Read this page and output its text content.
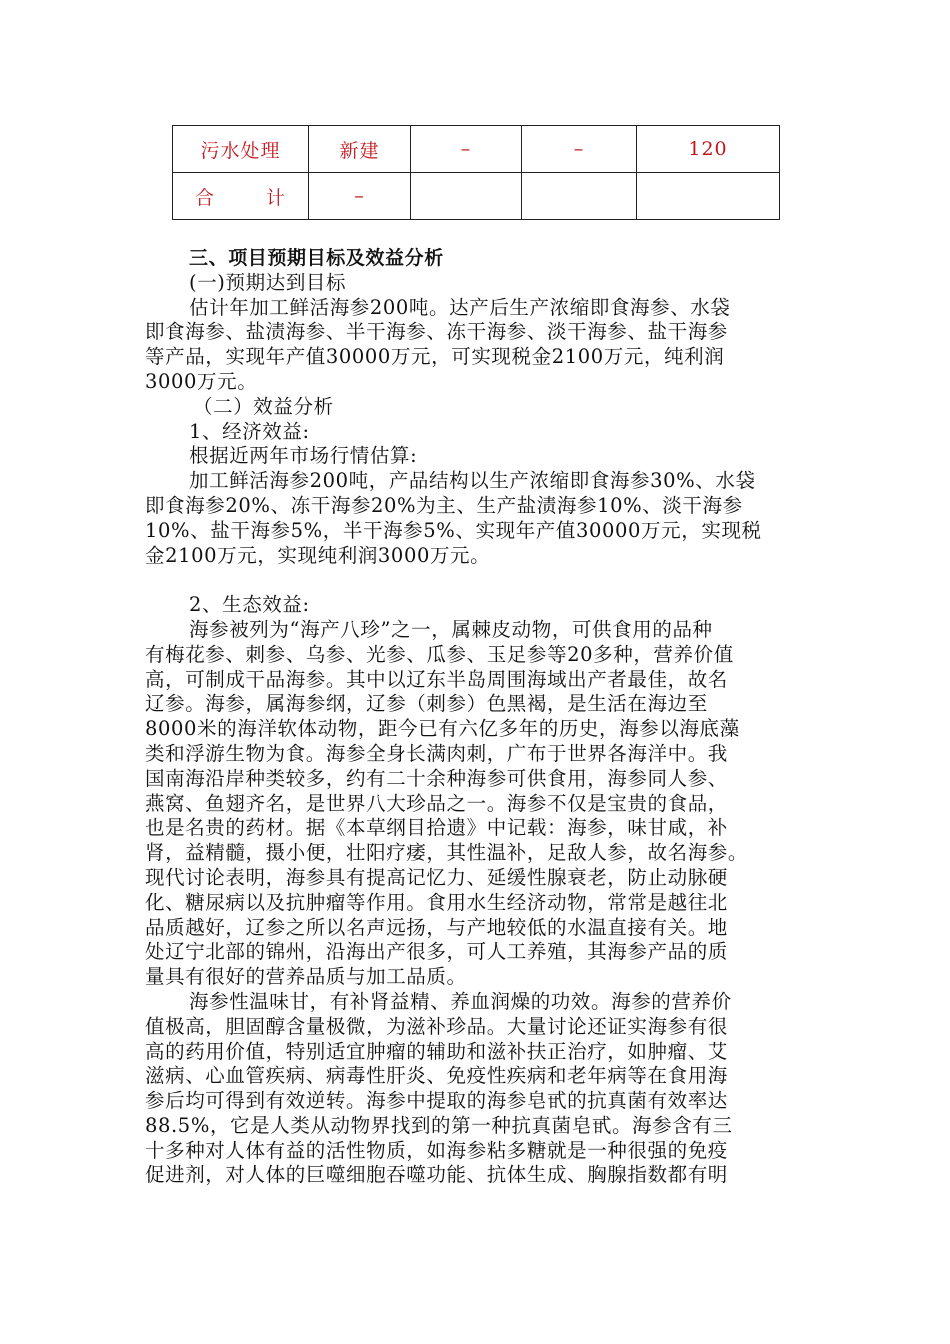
污水处理	新建	–	–	120

合 计	–			
三、项目预期目标及效益分析
(一)预期达到目标
估计年加工鲜活海参200吨。达产后生产浓缩即食海参、水袋
即食海参、盐渍海参、半干海参、冻干海参、淡干海参、盐干海参
等产品，实现年产值30000万元，可实现税金2100万元，纯利润
3000万元。
（二）效益分析
1、经济效益:
根据近两年市场行情估算:
加工鲜活海参200吨，产品结构以生产浓缩即食海参30%、水袋
即食海参20%、冻干海参20%为主、生产盐渍海参10%、淡干海参
10%、盐干海参5%，半干海参5%、实现年产值30000万元，实现税
金2100万元，实现纯利润3000万元。
2、生态效益:
海参被列为“海产八珍”之一，属棘皮动物，可供食用的品种
有梅花参、刺参、乌参、光参、瓜参、玉足参等20多种，营养价值
高，可制成干品海参。其中以辽东半岛周围海域出产者最佳，故名
辽参。海参，属海参纲，辽参（刺参）色黑褐，是生活在海边至
8000米的海洋软体动物，距今已有六亿多年的历史，海参以海底藻
类和浮游生物为食。海参全身长满肉刺，广布于世界各海洋中。我
国南海沿岸种类较多，约有二十余种海参可供食用，海参同人参、
燕窝、鱼翅齐名，是世界八大珍品之一。海参不仅是宝贵的食品，
也是名贵的药材。据《本草纲目拾遗》中记载：海参，味甘咸，补
肾，益精髓，摄小便，壮阳疗痿，其性温补，足敌人参，故名海参。
现代讨论表明，海参具有提高记忆力、延缓性腺衰老，防止动脉硬
化、糖尿病以及抗肿瘤等作用。食用水生经济动物，常常是越往北
品质越好，辽参之所以名声远扬，与产地较低的水温直接有关。地
处辽宁北部的锦州，沿海出产很多，可人工养殖，其海参产品的质
量具有很好的营养品质与加工品质。
海参性温味甘，有补肾益精、养血润燥的功效。海参的营养价
值极高，胆固醇含量极微，为滋补珍品。大量讨论还证实海参有很
高的药用价值，特别适宜肿瘤的辅助和滋补扶正治疗，如肿瘤、艾
滋病、心血管疾病、病毒性肝炎、免疫性疾病和老年病等在食用海
参后均可得到有效逆转。海参中提取的海参皂甙的抗真菌有效率达
88.5%，它是人类从动物界找到的第一种抗真菌皂甙。海参含有三
十多种对人体有益的活性物质，如海参粘多糖就是一种很强的免疫
促进剂，对人体的巨噬细胞吞噬功能、抗体生成、胸腺指数都有明
